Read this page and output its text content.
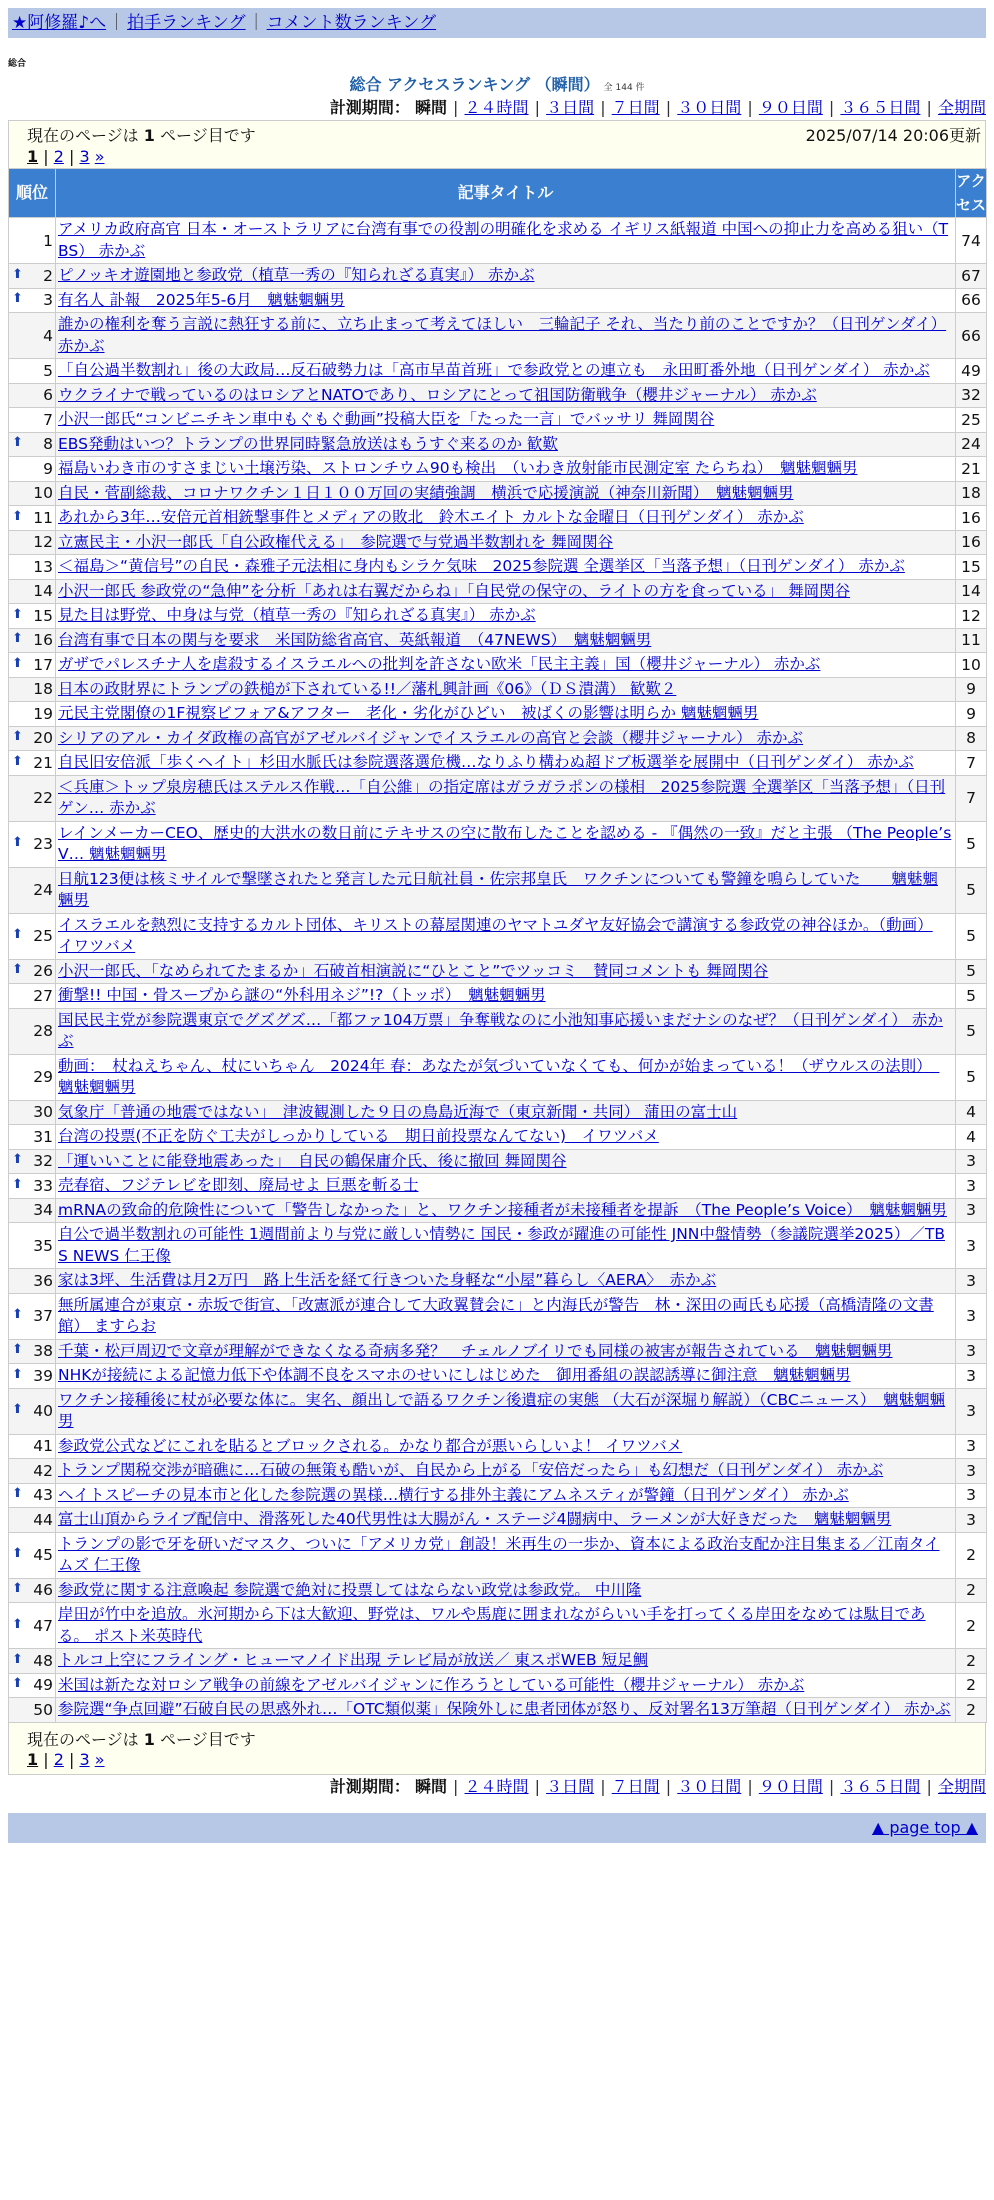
★阿修羅♪へ ｜ 拍手ランキング ｜ コメント数ランキング
総合
総合 アクセスランキング （瞬間） 全 144 件
計測期間： 瞬間 | ２４時間 | ３日間 | ７日間 | ３０日間 | ９０日間 | ３６５日間 | 全期間
現在のページは 1 ページ目です	2025/07/14 20:06更新
1 | 2 | 3 »
順位	記事タイトル	アクセス
1	アメリカ政府高官 日本・オーストラリアに台湾有事での役割の明確化を求める イギリス紙報道 中国への抑止力を高める狙い（TBS） 赤かぶ	74

⬆ 2	ピノッキオ遊園地と参政党（植草一秀の『知られざる真実』） 赤かぶ	67

⬆ 3	有名人 訃報　2025年5-6月　魑魅魍魎男	66
4	誰かの権利を奪う言説に熱狂する前に、立ち止まって考えてほしい　三輪記子 それ、当たり前のことですか？（日刊ゲンダイ） 赤かぶ	66
5	「自公過半数割れ」後の大政局…反石破勢力は「高市早苗首班」で参政党との連立も　永田町番外地（日刊ゲンダイ） 赤かぶ	49
6	ウクライナで戦っているのはロシアとNATOであり、ロシアにとって祖国防衛戦争（櫻井ジャーナル） 赤かぶ	32
7	小沢一郎氏“コンビニチキン車中もぐもぐ動画”投稿大臣を「たった一言」でバッサリ 舞岡関谷	25

⬆ 8	EBS発動はいつ？トランプの世界同時緊急放送はもうすぐ来るのか 歓歎	24
9	福島いわき市のすさまじい土壌汚染、ストロンチウム90も検出　（いわき放射能市民測定室 たらちね）　魑魅魍魎男	21
10	自民・菅副総裁、コロナワクチン１日１００万回の実績強調　横浜で応援演説（神奈川新聞）　魑魅魍魎男	18

⬆ 11	あれから3年…安倍元首相銃撃事件とメディアの敗北　鈴木エイト カルトな金曜日（日刊ゲンダイ） 赤かぶ	16
12	立憲民主・小沢一郎氏「自公政権代える」　参院選で与党過半数割れを 舞岡関谷	16
13	＜福島＞“黄信号”の自民・森雅子元法相に身内もシラケ気味　2025参院選 全選挙区「当落予想」（日刊ゲンダイ） 赤かぶ	15
14	小沢一郎氏 参政党の“急伸”を分析「あれは右翼だからね」「自民党の保守の、ライトの方を食っている」 舞岡関谷	14

⬆ 15	見た目は野党、中身は与党（植草一秀の『知られざる真実』） 赤かぶ	12

⬆ 16	台湾有事で日本の関与を要求　米国防総省高官、英紙報道　（47NEWS）　魑魅魍魎男	11

⬆ 17	ガザでパレスチナ人を虐殺するイスラエルへの批判を許さない欧米「民主主義」国（櫻井ジャーナル） 赤かぶ	10
18	日本の政財界にトランプの鉄槌が下されている!!／藩札興計画《06》（ＤＳ潰溝） 歓歎２	9
19	元民主党閣僚の1F視察ビフォア&アフター　老化・劣化がひどい　被ばくの影響は明らか 魑魅魍魎男	9

⬆ 20	シリアのアル・カイダ政権の高官がアゼルバイジャンでイスラエルの高官と会談（櫻井ジャーナル） 赤かぶ	8

⬆ 21	自民旧安倍派「歩くヘイト」杉田水脈氏は参院選落選危機…なりふり構わぬ超ドブ板選挙を展開中（日刊ゲンダイ） 赤かぶ	7
22	＜兵庫＞トップ泉房穂氏はステルス作戦…「自公維」の指定席はガラガラポンの様相　2025参院選 全選挙区「当落予想」（日刊ゲン… 赤かぶ	7

⬆ 23	レインメーカーCEO、歴史的大洪水の数日前にテキサスの空に散布したことを認める - 『偶然の一致』だと主張 （The People’s V… 魑魅魍魎男	5
24	日航123便は核ミサイルで撃墜されたと発言した元日航社員・佐宗邦皇氏　ワクチンについても警鐘を鳴らしていた　　魑魅魍魎男	5

⬆ 25	イスラエルを熱烈に支持するカルト団体、キリストの幕屋関連のヤマトユダヤ友好協会で講演する参政党の神谷ほか。（動画） イワツバメ	5

⬆ 26	小沢一郎氏、「なめられてたまるか」石破首相演説に“ひとこと”でツッコミ　賛同コメントも 舞岡関谷	5
27	衝撃!! 中国・骨スープから謎の“外科用ネジ”!?（トッポ）　魑魅魍魎男	5
28	国民民主党が参院選東京でグズグズ…「都ファ104万票」争奪戦なのに小池知事応援いまだナシのなぜ？（日刊ゲンダイ） 赤かぶ	5
29	動画：　杖ねえちゃん、杖にいちゃん　2024年 春：あなたが気づいていなくても、何かが始まっている！（ザウルスの法則）　魑魅魍魎男	5
30	気象庁「普通の地震ではない」　津波観測した９日の鳥島近海で（東京新聞・共同） 蒲田の富士山	4
31	台湾の投票(不正を防ぐ工夫がしっかりしている　期日前投票なんてない)　イワツバメ	4

⬆ 32	「運いいことに能登地震あった」　自民の鶴保庸介氏、後に撤回 舞岡関谷	3

⬆ 33	売春宿、フジテレビを即刻、廃局せよ 巨悪を斬る士	3
34	mRNAの致命的危険性について「警告しなかった」と、ワクチン接種者が未接種者を提訴　（The People’s Voice）　魑魅魍魎男	3
35	自公で過半数割れの可能性 1週間前より与党に厳しい情勢に 国民・参政が躍進の可能性 JNN中盤情勢（参議院選挙2025）／TBS NEWS 仁王像	3
36	家は3坪、生活費は月2万円　路上生活を経て行きついた身軽な“小屋”暮らし〈AERA〉　赤かぶ	3

⬆ 37	無所属連合が東京・赤坂で街宣、「改憲派が連合して大政翼賛会に」と内海氏が警告　林・深田の両氏も応援（高橋清隆の文書館） ますらお	3

⬆ 38	千葉・松戸周辺で文章が理解ができなくなる奇病多発？　チェルノブイリでも同様の被害が報告されている　魑魅魍魎男	3

⬆ 39	NHKが接続による記憶力低下や体調不良をスマホのせいにしはじめた　御用番組の誤認誘導に御注意　魑魅魍魎男	3

⬆ 40	ワクチン接種後に杖が必要な体に。実名、顔出しで語るワクチン後遺症の実態 （大石が深堀り解説）（CBCニュース）　魑魅魍魎男	3
41	参政党公式などにこれを貼るとブロックされる。かなり都合が悪いらしいよ！ イワツバメ	3
42	トランプ関税交渉が暗礁に…石破の無策も酷いが、自民から上がる「安倍だったら」も幻想だ（日刊ゲンダイ） 赤かぶ	3

⬆ 43	ヘイトスピーチの見本市と化した参院選の異様…横行する排外主義にアムネスティが警鐘（日刊ゲンダイ） 赤かぶ	3
44	富士山頂からライブ配信中、滑落死した40代男性は大腸がん・ステージ4闘病中、ラーメンが大好きだった　魑魅魍魎男	3

⬆ 45	トランプの影で牙を研いだマスク、ついに「アメリカ党」創設！米再生の一歩か、資本による政治支配か注目集まる／江南タイムズ 仁王像	2

⬆ 46	参政党に関する注意喚起 参院選で絶対に投票してはならない政党は参政党。 中川隆	2

⬆ 47	岸田が竹中を追放。氷河期から下は大歓迎、野党は、ワルや馬鹿に囲まれながらいい手を打ってくる岸田をなめては駄目である。 ポスト米英時代	2

⬆ 48	トルコ上空にフライング・ヒューマノイド出現 テレビ局が放送／ 東スポWEB 短足鯛	2

⬆ 49	米国は新たな対ロシア戦争の前線をアゼルバイジャンに作ろうとしている可能性（櫻井ジャーナル） 赤かぶ	2
50	参院選“争点回避”石破自民の思惑外れ…「OTC類似薬」保険外しに患者団体が怒り、反対署名13万筆超（日刊ゲンダイ） 赤かぶ	2
現在のページは 1 ページ目です
1 | 2 | 3 »
計測期間： 瞬間 | ２４時間 | ３日間 | ７日間 | ３０日間 | ９０日間 | ３６５日間 | 全期間
▲ page top ▲
